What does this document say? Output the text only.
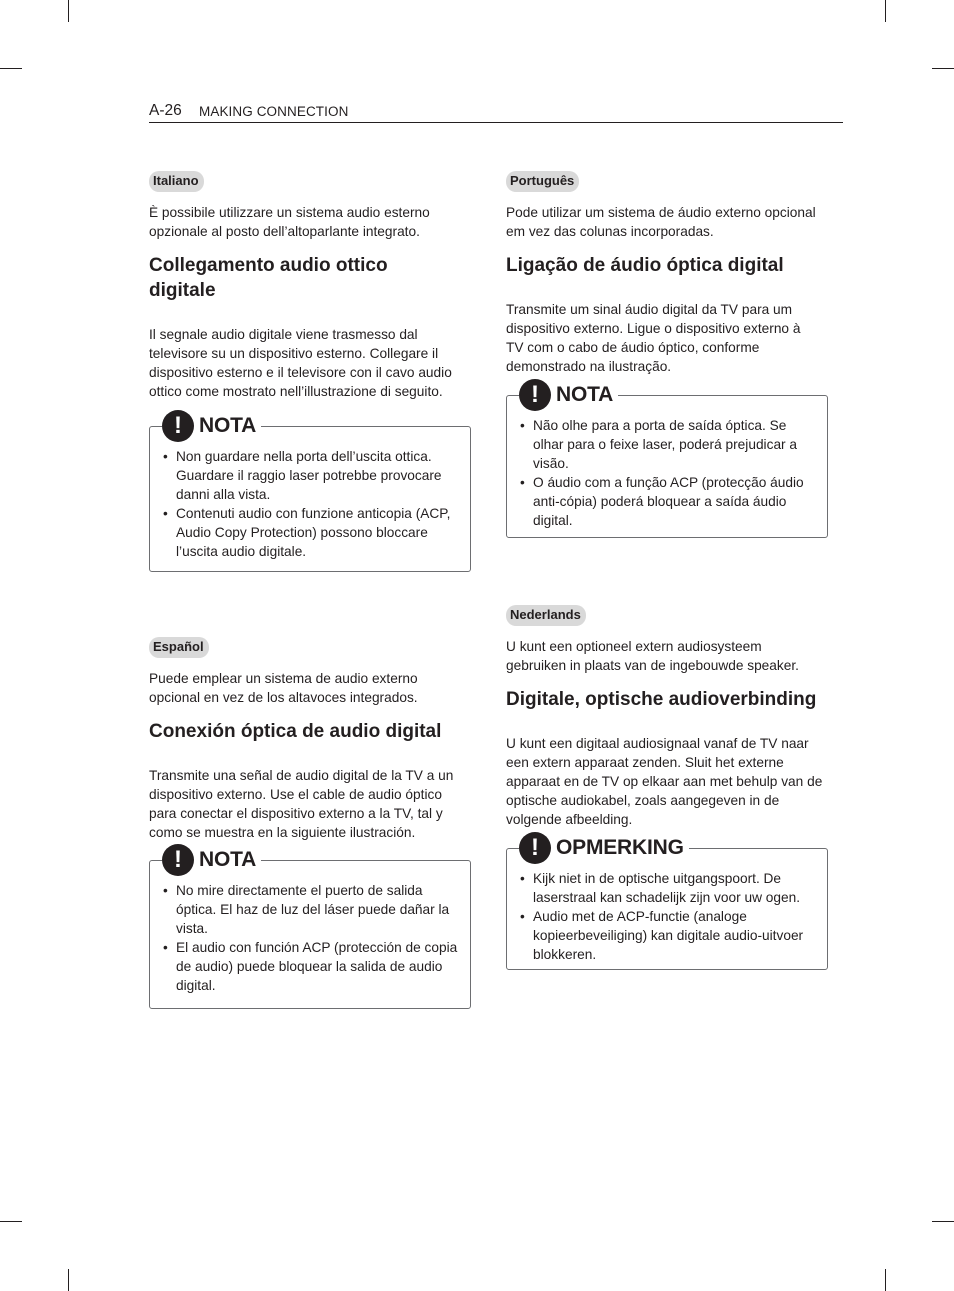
A-26 MAKING CONNECTION
Italiano

È possibile utilizzare un sistema audio esterno opzionale al posto dell’altoparlante integrato.

Collegamento audio ottico digitale

Il segnale audio digitale viene trasmesso dal televisore su un dispositivo esterno. Collegare il dispositivo esterno e il televisore con il cavo audio ottico come mostrato nell’illustrazione di seguito.

! NOTA
• Non guardare nella porta dell’uscita ottica. Guardare il raggio laser potrebbe provocare danni alla vista.
• Contenuti audio con funzione anticopia (ACP, Audio Copy Protection) possono bloccare l’uscita audio digitale.
Português

Pode utilizar um sistema de áudio externo opcional em vez das colunas incorporadas.

Ligação de áudio óptica digital

Transmite um sinal áudio digital da TV para um dispositivo externo. Ligue o dispositivo externo à TV com o cabo de áudio óptico, conforme demonstrado na ilustração.

! NOTA
• Não olhe para a porta de saída óptica. Se olhar para o feixe laser, poderá prejudicar a visão.
• O áudio com a função ACP (protecção áudio anti-cópia) poderá bloquear a saída áudio digital.
Español

Puede emplear un sistema de audio externo opcional en vez de los altavoces integrados.

Conexión óptica de audio digital

Transmite una señal de audio digital de la TV a un dispositivo externo. Use el cable de audio óptico para conectar el dispositivo externo a la TV, tal y como se muestra en la siguiente ilustración.

! NOTA
• No mire directamente el puerto de salida óptica. El haz de luz del láser puede dañar la vista.
• El audio con función ACP (protección de copia de audio) puede bloquear la salida de audio digital.
Nederlands

U kunt een optioneel extern audiosysteem gebruiken in plaats van de ingebouwde speaker.

Digitale, optische audioverbinding

U kunt een digitaal audiosignaal vanaf de TV naar een extern apparaat zenden. Sluit het externe apparaat en de TV op elkaar aan met behulp van de optische audiokabel, zoals aangegeven in de volgende afbeelding.

! OPMERKING
• Kijk niet in de optische uitgangspoort. De laserstraal kan schadelijk zijn voor uw ogen.
• Audio met de ACP-functie (analoge kopieerbeveiliging) kan digitale audio-uitvoer blokkeren.
